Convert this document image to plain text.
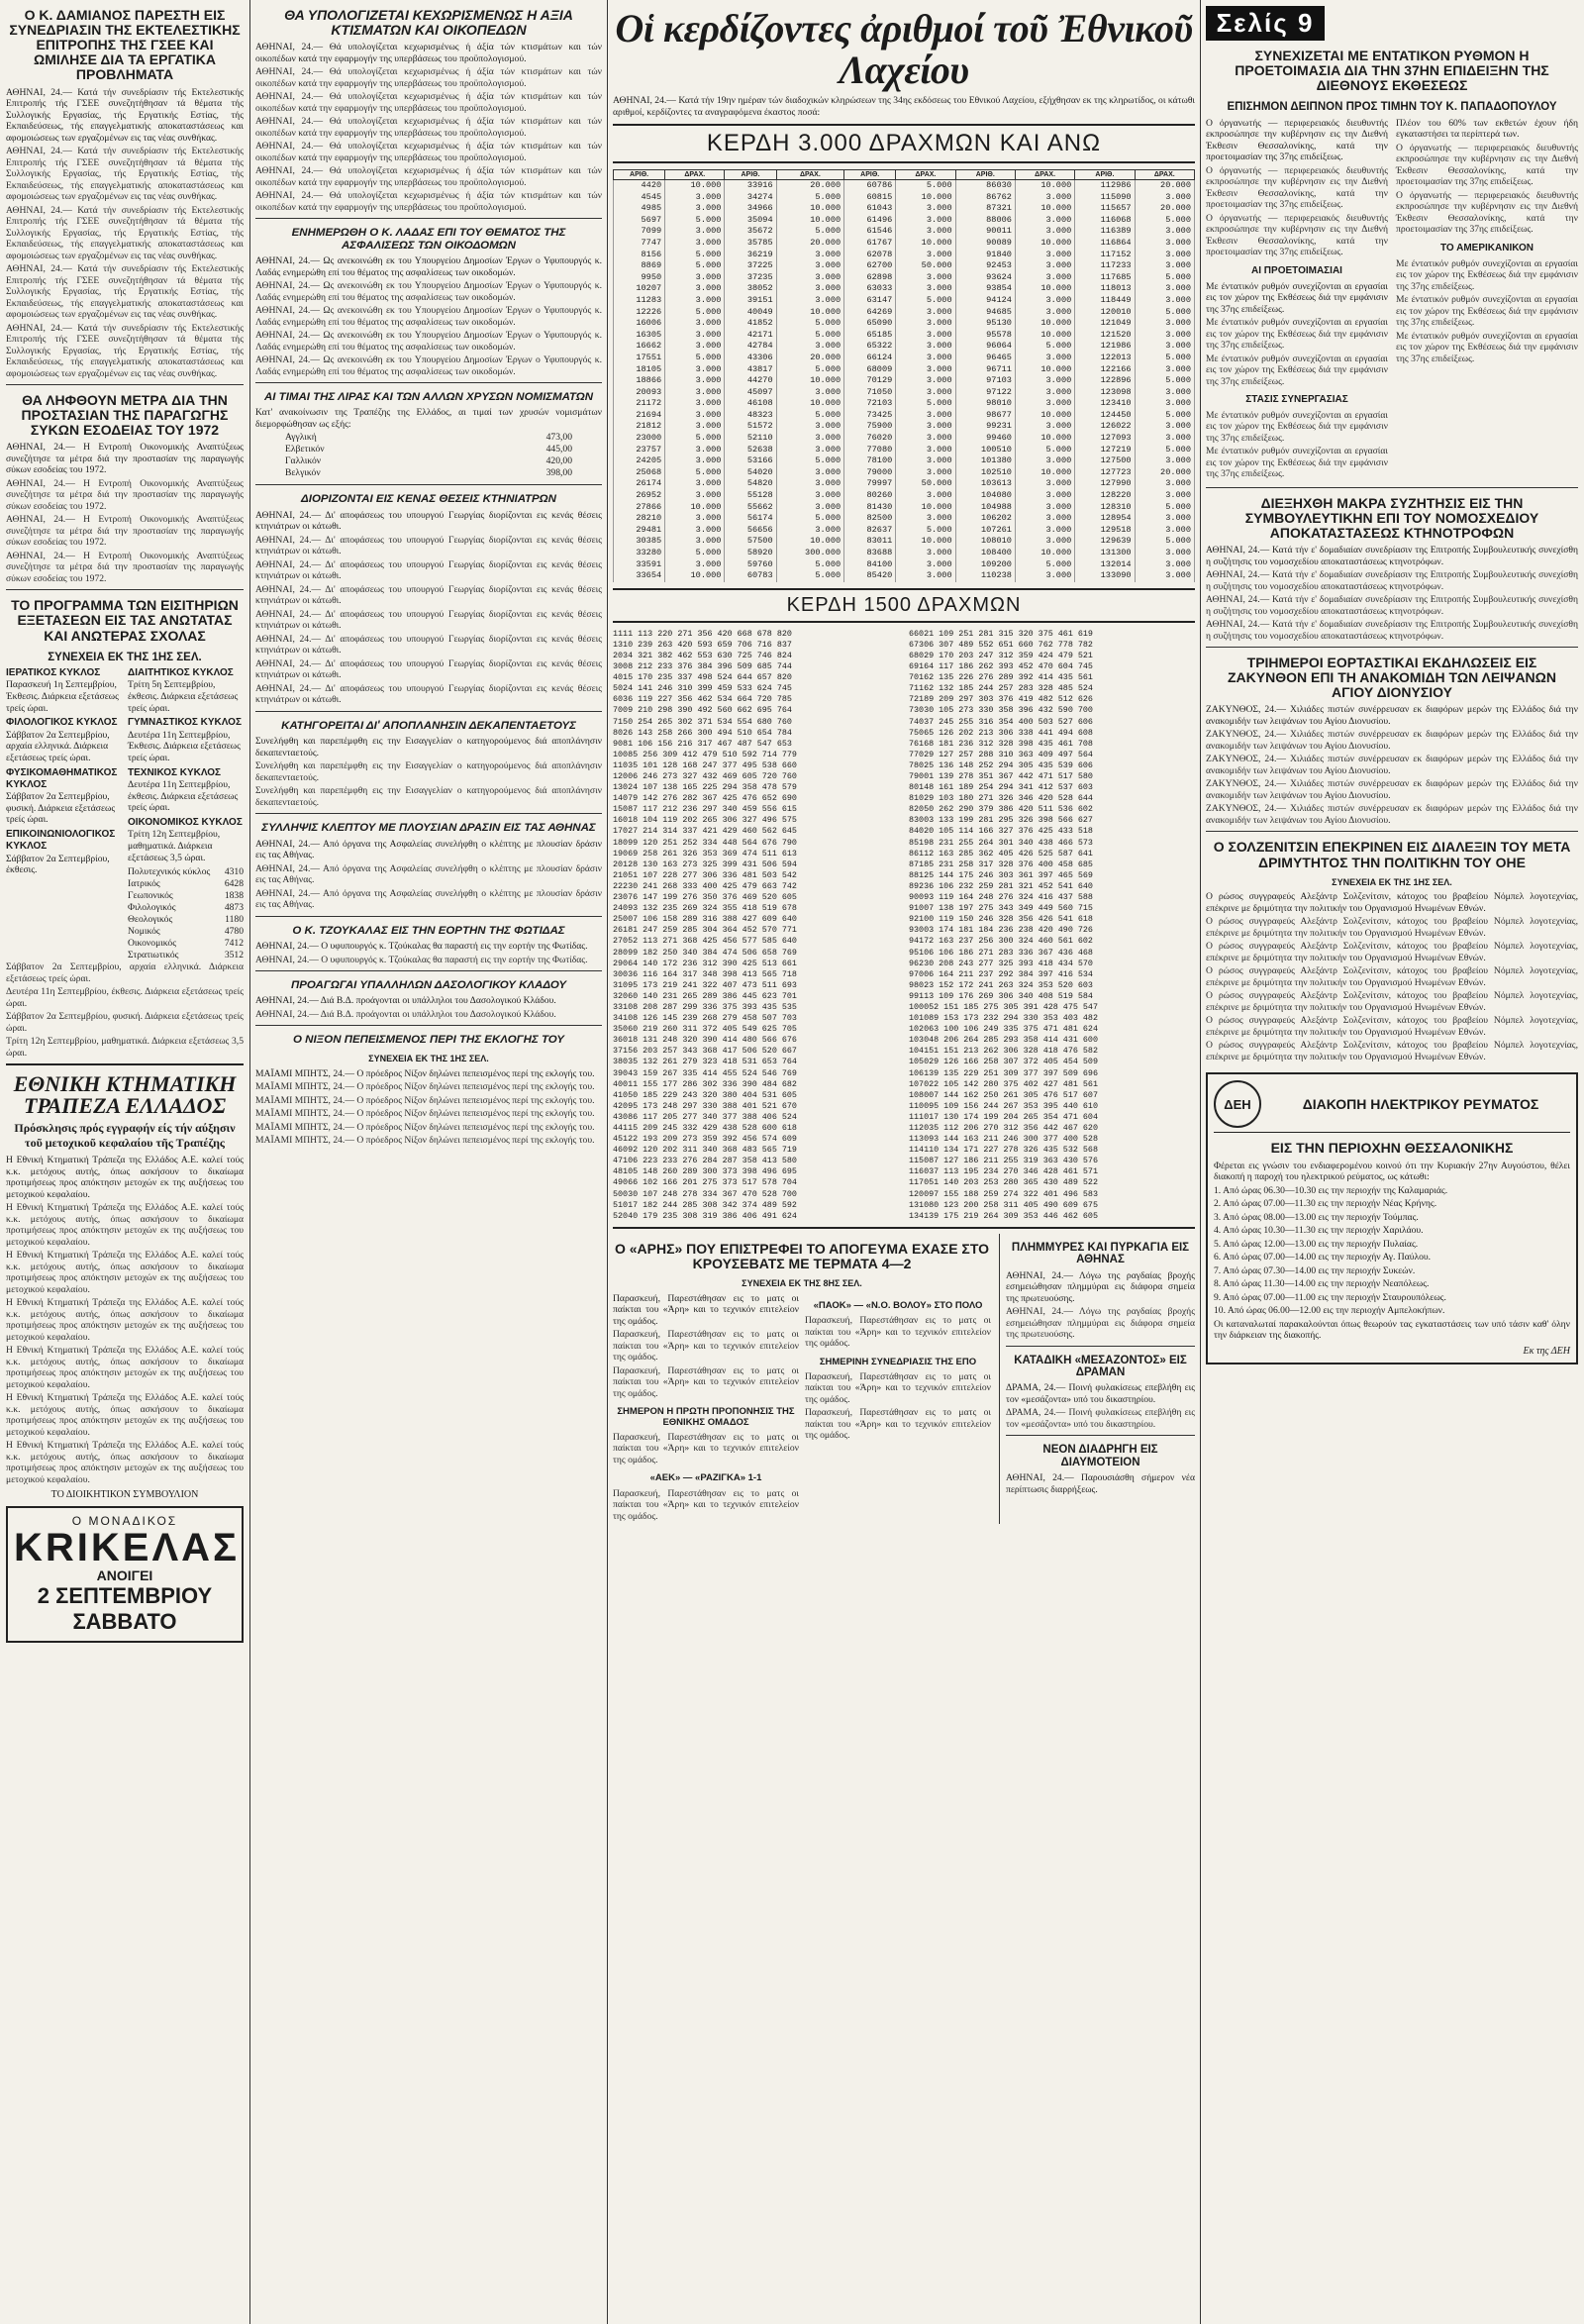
Ο Κ. ΔΑΜΙΑΝΟΣ ΠΑΡΕΣΤΗ ΕΙΣ ΣΥΝΕΔΡΙΑΣΙΝ ΤΗΣ ΕΚΤΕΛΕΣΤΙΚΗΣ ΕΠΙΤΡΟΠΗΣ ΤΗΣ ΓΣΕΕ ΚΑΙ ΩΜΙΛΗΣΕ ΔΙΑ ΤΑ ΕΡΓΑΤΙΚΑ ΠΡΟΒΛΗΜΑΤΑ

ΑΘΗΝΑΙ, 24.— Κατά τήν συνεδρίασιν τής Εκτελεστικής Επιτροπής τής ΓΣΕΕ συνεζητήθησαν τά θέματα τής Συλλογικής Εργασίας, τής Εργατικής Εστίας, τής Εκπαιδεύσεως, τής επαγγελματικής αποκαταστάσεως και αφομοιώσεως των εργαζομένων εις τας νέας συνθήκας.

ΑΘΗΝΑΙ, 24.— Κατά τήν συνεδρίασιν τής Εκτελεστικής Επιτροπής τής ΓΣΕΕ συνεζητήθησαν τά θέματα τής Συλλογικής Εργασίας, τής Εργατικής Εστίας, τής Εκπαιδεύσεως, τής επαγγελματικής αποκαταστάσεως και αφομοιώσεως των εργαζομένων εις τας νέας συνθήκας.

ΑΘΗΝΑΙ, 24.— Κατά τήν συνεδρίασιν τής Εκτελεστικής Επιτροπής τής ΓΣΕΕ συνεζητήθησαν τά θέματα τής Συλλογικής Εργασίας, τής Εργατικής Εστίας, τής Εκπαιδεύσεως, τής επαγγελματικής αποκαταστάσεως και αφομοιώσεως των εργαζομένων εις τας νέας συνθήκας.

ΑΘΗΝΑΙ, 24.— Κατά τήν συνεδρίασιν τής Εκτελεστικής Επιτροπής τής ΓΣΕΕ συνεζητήθησαν τά θέματα τής Συλλογικής Εργασίας, τής Εργατικής Εστίας, τής Εκπαιδεύσεως, τής επαγγελματικής αποκαταστάσεως και αφομοιώσεως των εργαζομένων εις τας νέας συνθήκας.

ΑΘΗΝΑΙ, 24.— Κατά τήν συνεδρίασιν τής Εκτελεστικής Επιτροπής τής ΓΣΕΕ συνεζητήθησαν τά θέματα τής Συλλογικής Εργασίας, τής Εργατικής Εστίας, τής Εκπαιδεύσεως, τής επαγγελματικής αποκαταστάσεως και αφομοιώσεως των εργαζομένων εις τας νέας συνθήκας.

ΘΑ ΛΗΦΘΟΥΝ ΜΕΤΡΑ ΔΙΑ ΤΗΝ ΠΡΟΣΤΑΣΙΑΝ ΤΗΣ ΠΑΡΑΓΩΓΗΣ ΣΥΚΩΝ ΕΣΟΔΕΙΑΣ ΤΟΥ 1972

ΑΘΗΝΑΙ, 24.— Η Εντροπή Οικονομικής Αναπτύξεως συνεζήτησε τα μέτρα διά την προστασίαν της παραγωγής σύκων εσοδείας του 1972.

ΑΘΗΝΑΙ, 24.— Η Εντροπή Οικονομικής Αναπτύξεως συνεζήτησε τα μέτρα διά την προστασίαν της παραγωγής σύκων εσοδείας του 1972.

ΑΘΗΝΑΙ, 24.— Η Εντροπή Οικονομικής Αναπτύξεως συνεζήτησε τα μέτρα διά την προστασίαν της παραγωγής σύκων εσοδείας του 1972.

ΑΘΗΝΑΙ, 24.— Η Εντροπή Οικονομικής Αναπτύξεως συνεζήτησε τα μέτρα διά την προστασίαν της παραγωγής σύκων εσοδείας του 1972.

ΤΟ ΠΡΟΓΡΑΜΜΑ ΤΩΝ ΕΙΣΙΤΗΡΙΩΝ ΕΞΕΤΑΣΕΩΝ ΕΙΣ ΤΑΣ ΑΝΩΤΑΤΑΣ ΚΑΙ ΑΝΩΤΕΡΑΣ ΣΧΟΛΑΣ
ΣΥΝΕΧΕΙΑ ΕΚ ΤΗΣ 1ΗΣ ΣΕΛ.
ΙΕΡΑΤΙΚΟΣ ΚΥΚΛΟΣ
Παρασκευή 1η Σεπτεμβρίου, Έκθεσις. Διάρκεια εξετάσεως τρείς ώραι.
ΦΙΛΟΛΟΓΙΚΟΣ ΚΥΚΛΟΣ
Σάββατον 2α Σεπτεμβρίου, αρχαία ελληνικά. Διάρκεια εξετάσεως τρείς ώραι.
ΦΥΣΙΚΟΜΑΘΗΜΑΤΙΚΟΣ ΚΥΚΛΟΣ
Σάββατον 2α Σεπτεμβρίου, φυσική. Διάρκεια εξετάσεως τρείς ώραι.
ΕΠΙΚΟΙΝΩΝΙΟΛΟΓΙΚΟΣ ΚΥΚΛΟΣ
Σάββατον 2α Σεπτεμβρίου, έκθεσις.
ΔΙΑΙΤΗΤΙΚΟΣ ΚΥΚΛΟΣ
Τρίτη 5η Σεπτεμβρίου, έκθεσις. Διάρκεια εξετάσεως τρείς ώραι.
ΓΥΜΝΑΣΤΙΚΟΣ ΚΥΚΛΟΣ
Δευτέρα 11η Σεπτεμβρίου, Έκθεσις. Διάρκεια εξετάσεως τρείς ώραι.
ΤΕΧΝΙΚΟΣ ΚΥΚΛΟΣ
Δευτέρα 11η Σεπτεμβρίου, έκθεσις. Διάρκεια εξετάσεως τρείς ώραι.
ΟΙΚΟΝΟΜΙΚΟΣ ΚΥΚΛΟΣ
Τρίτη 12η Σεπτεμβρίου, μαθηματικά. Διάρκεια εξετάσεως 3,5 ώραι.
Πολυτεχνικός κύκλος 4310
Ιατρικός	6428
Γεωπονικός	1838
Φιλολογικός	4873
Θεολογικός	1180
Νομικός	4780
Οικονομικός	7412
Στρατιωτικός	3512

Σάββατον 2α Σεπτεμβρίου, αρχαία ελληνικά. Διάρκεια εξετάσεως τρείς ώραι.

Δευτέρα 11η Σεπτεμβρίου, έκθεσις. Διάρκεια εξετάσεως τρείς ώραι.

Σάββατον 2α Σεπτεμβρίου, φυσική. Διάρκεια εξετάσεως τρείς ώραι.

Τρίτη 12η Σεπτεμβρίου, μαθηματικά. Διάρκεια εξετάσεως 3,5 ώραι.

ΕΘΝΙΚΗ ΚΤΗΜΑΤΙΚΗ ΤΡΑΠΕΖΑ ΕΛΛΑΔΟΣ
Πρόσκλησις πρός εγγραφήν είς τήν αύξησιν τοῦ μετοχικοῦ κεφαλαίου τῆς Τραπέζης

Η Εθνική Κτηματική Τράπεζα της Ελλάδος Α.Ε. καλεί τούς κ.κ. μετόχους αυτής, όπως ασκήσουν το δικαίωμα προτιμήσεως προς απόκτησιν μετοχών εκ της αυξήσεως του μετοχικού κεφαλαίου.

Η Εθνική Κτηματική Τράπεζα της Ελλάδος Α.Ε. καλεί τούς κ.κ. μετόχους αυτής, όπως ασκήσουν το δικαίωμα προτιμήσεως προς απόκτησιν μετοχών εκ της αυξήσεως του μετοχικού κεφαλαίου.

Η Εθνική Κτηματική Τράπεζα της Ελλάδος Α.Ε. καλεί τούς κ.κ. μετόχους αυτής, όπως ασκήσουν το δικαίωμα προτιμήσεως προς απόκτησιν μετοχών εκ της αυξήσεως του μετοχικού κεφαλαίου.

Η Εθνική Κτηματική Τράπεζα της Ελλάδος Α.Ε. καλεί τούς κ.κ. μετόχους αυτής, όπως ασκήσουν το δικαίωμα προτιμήσεως προς απόκτησιν μετοχών εκ της αυξήσεως του μετοχικού κεφαλαίου.

Η Εθνική Κτηματική Τράπεζα της Ελλάδος Α.Ε. καλεί τούς κ.κ. μετόχους αυτής, όπως ασκήσουν το δικαίωμα προτιμήσεως προς απόκτησιν μετοχών εκ της αυξήσεως του μετοχικού κεφαλαίου.

Η Εθνική Κτηματική Τράπεζα της Ελλάδος Α.Ε. καλεί τούς κ.κ. μετόχους αυτής, όπως ασκήσουν το δικαίωμα προτιμήσεως προς απόκτησιν μετοχών εκ της αυξήσεως του μετοχικού κεφαλαίου.

Η Εθνική Κτηματική Τράπεζα της Ελλάδος Α.Ε. καλεί τούς κ.κ. μετόχους αυτής, όπως ασκήσουν το δικαίωμα προτιμήσεως προς απόκτησιν μετοχών εκ της αυξήσεως του μετοχικού κεφαλαίου.

ΤΟ ΔΙΟΙΚΗΤΙΚΟΝ ΣΥΜΒΟΥΛΙΟΝ
Ο ΜΟΝΑΔΙΚΟΣ
KRIKEΛΑΣ
ΑΝΟΙΓΕΙ
2 ΣΕΠΤΕΜΒΡΙΟΥ ΣΑΒΒΑΤΟ
ΘΑ ΥΠΟΛΟΓΙΖΕΤΑΙ ΚΕΧΩΡΙΣΜΕΝΩΣ Η ΑΞΙΑ ΚΤΙΣΜΑΤΩΝ ΚΑΙ ΟΙΚΟΠΕΔΩΝ

ΑΘΗΝΑΙ, 24.— Θά υπολογίζεται κεχωρισμένως ή άξία τών κτισμάτων και τών οικοπέδων κατά την εφαρμογήν της υπερβάσεως του προϋπολογισμού.

ΑΘΗΝΑΙ, 24.— Θά υπολογίζεται κεχωρισμένως ή άξία τών κτισμάτων και τών οικοπέδων κατά την εφαρμογήν της υπερβάσεως του προϋπολογισμού.

ΑΘΗΝΑΙ, 24.— Θά υπολογίζεται κεχωρισμένως ή άξία τών κτισμάτων και τών οικοπέδων κατά την εφαρμογήν της υπερβάσεως του προϋπολογισμού.

ΑΘΗΝΑΙ, 24.— Θά υπολογίζεται κεχωρισμένως ή άξία τών κτισμάτων και τών οικοπέδων κατά την εφαρμογήν της υπερβάσεως του προϋπολογισμού.

ΑΘΗΝΑΙ, 24.— Θά υπολογίζεται κεχωρισμένως ή άξία τών κτισμάτων και τών οικοπέδων κατά την εφαρμογήν της υπερβάσεως του προϋπολογισμού.

ΑΘΗΝΑΙ, 24.— Θά υπολογίζεται κεχωρισμένως ή άξία τών κτισμάτων και τών οικοπέδων κατά την εφαρμογήν της υπερβάσεως του προϋπολογισμού.

ΑΘΗΝΑΙ, 24.— Θά υπολογίζεται κεχωρισμένως ή άξία τών κτισμάτων και τών οικοπέδων κατά την εφαρμογήν της υπερβάσεως του προϋπολογισμού.

ΕΝΗΜΕΡΩΘΗ Ο Κ. ΛΑΔΑΣ ΕΠΙ ΤΟΥ ΘΕΜΑΤΟΣ ΤΗΣ ΑΣΦΑΛΙΣΕΩΣ ΤΩΝ ΟΙΚΟΔΟΜΩΝ

ΑΘΗΝΑΙ, 24.— Ως ανεκοινώθη εκ του Υπουργείου Δημοσίων Έργων ο Υφυπουργός κ. Λαδάς ενημερώθη επί του θέματος της ασφαλίσεως των οικοδομών.

ΑΘΗΝΑΙ, 24.— Ως ανεκοινώθη εκ του Υπουργείου Δημοσίων Έργων ο Υφυπουργός κ. Λαδάς ενημερώθη επί του θέματος της ασφαλίσεως των οικοδομών.

ΑΘΗΝΑΙ, 24.— Ως ανεκοινώθη εκ του Υπουργείου Δημοσίων Έργων ο Υφυπουργός κ. Λαδάς ενημερώθη επί του θέματος της ασφαλίσεως των οικοδομών.

ΑΘΗΝΑΙ, 24.— Ως ανεκοινώθη εκ του Υπουργείου Δημοσίων Έργων ο Υφυπουργός κ. Λαδάς ενημερώθη επί του θέματος της ασφαλίσεως των οικοδομών.

ΑΘΗΝΑΙ, 24.— Ως ανεκοινώθη εκ του Υπουργείου Δημοσίων Έργων ο Υφυπουργός κ. Λαδάς ενημερώθη επί του θέματος της ασφαλίσεως των οικοδομών.

ΑΙ ΤΙΜΑΙ ΤΗΣ ΛΙΡΑΣ ΚΑΙ ΤΩΝ ΑΛΛΩΝ ΧΡΥΣΩΝ ΝΟΜΙΣΜΑΤΩΝ

Κατ' ανακοίνωσιν της Τραπέζης της Ελλάδος, αι τιμαί των χρυσών νομισμάτων διεμορφώθησαν ως εξής:

Αγγλική	473,00
Ελβετικόν	445,00
Γαλλικόν	420,00
Βελγικόν	398,00
ΔΙΟΡΙΖΟΝΤΑΙ ΕΙΣ ΚΕΝΑΣ ΘΕΣΕΙΣ ΚΤΗΝΙΑΤΡΩΝ

ΑΘΗΝΑΙ, 24.— Δι' αποφάσεως του υπουργού Γεωργίας διορίζονται εις κενάς θέσεις κτηνιάτρων οι κάτωθι.

ΑΘΗΝΑΙ, 24.— Δι' αποφάσεως του υπουργού Γεωργίας διορίζονται εις κενάς θέσεις κτηνιάτρων οι κάτωθι.

ΑΘΗΝΑΙ, 24.— Δι' αποφάσεως του υπουργού Γεωργίας διορίζονται εις κενάς θέσεις κτηνιάτρων οι κάτωθι.

ΑΘΗΝΑΙ, 24.— Δι' αποφάσεως του υπουργού Γεωργίας διορίζονται εις κενάς θέσεις κτηνιάτρων οι κάτωθι.

ΑΘΗΝΑΙ, 24.— Δι' αποφάσεως του υπουργού Γεωργίας διορίζονται εις κενάς θέσεις κτηνιάτρων οι κάτωθι.

ΑΘΗΝΑΙ, 24.— Δι' αποφάσεως του υπουργού Γεωργίας διορίζονται εις κενάς θέσεις κτηνιάτρων οι κάτωθι.

ΑΘΗΝΑΙ, 24.— Δι' αποφάσεως του υπουργού Γεωργίας διορίζονται εις κενάς θέσεις κτηνιάτρων οι κάτωθι.

ΑΘΗΝΑΙ, 24.— Δι' αποφάσεως του υπουργού Γεωργίας διορίζονται εις κενάς θέσεις κτηνιάτρων οι κάτωθι.

ΚΑΤΗΓΟΡΕΙΤΑΙ ΔΙ' ΑΠΟΠΛΑΝΗΣΙΝ ΔΕΚΑΠΕΝΤΑΕΤΟΥΣ

Συνελήφθη και παρεπέμφθη εις την Εισαγγελίαν ο κατηγορούμενος διά αποπλάνησιν δεκαπενταετούς.

Συνελήφθη και παρεπέμφθη εις την Εισαγγελίαν ο κατηγορούμενος διά αποπλάνησιν δεκαπενταετούς.

Συνελήφθη και παρεπέμφθη εις την Εισαγγελίαν ο κατηγορούμενος διά αποπλάνησιν δεκαπενταετούς.

ΣΥΛΛΗΨΙΣ ΚΛΕΠΤΟΥ ΜΕ ΠΛΟΥΣΙΑΝ ΔΡΑΣΙΝ ΕΙΣ ΤΑΣ ΑΘΗΝΑΣ

ΑΘΗΝΑΙ, 24.— Από όργανα της Ασφαλείας συνελήφθη ο κλέπτης με πλουσίαν δράσιν εις τας Αθήνας.

ΑΘΗΝΑΙ, 24.— Από όργανα της Ασφαλείας συνελήφθη ο κλέπτης με πλουσίαν δράσιν εις τας Αθήνας.

ΑΘΗΝΑΙ, 24.— Από όργανα της Ασφαλείας συνελήφθη ο κλέπτης με πλουσίαν δράσιν εις τας Αθήνας.

Ο Κ. ΤΖΟΥΚΑΛΑΣ ΕΙΣ ΤΗΝ ΕΟΡΤΗΝ ΤΗΣ ΦΩΤΙΔΑΣ

ΑΘΗΝΑΙ, 24.— Ο υφυπουργός κ. Τζούκαλας θα παραστή εις την εορτήν της Φωτίδας.

ΑΘΗΝΑΙ, 24.— Ο υφυπουργός κ. Τζούκαλας θα παραστή εις την εορτήν της Φωτίδας.

ΠΡΟΑΓΩΓΑΙ ΥΠΑΛΛΗΛΩΝ ΔΑΣΟΛΟΓΙΚΟΥ ΚΛΑΔΟΥ

ΑΘΗΝΑΙ, 24.— Διά Β.Δ. προάγονται οι υπάλληλοι του Δασολογικού Κλάδου.

ΑΘΗΝΑΙ, 24.— Διά Β.Δ. προάγονται οι υπάλληλοι του Δασολογικού Κλάδου.

Ο ΝΙΞΟΝ ΠΕΠΕΙΣΜΕΝΟΣ ΠΕΡΙ ΤΗΣ ΕΚΛΟΓΗΣ ΤΟΥ
ΣΥΝΕΧΕΙΑ ΕΚ ΤΗΣ 1ΗΣ ΣΕΛ.

ΜΑΪΑΜΙ ΜΠΗΤΣ, 24.— Ο πρόεδρος Νίξον δηλώνει πεπεισμένος περί της εκλογής του.

ΜΑΪΑΜΙ ΜΠΗΤΣ, 24.— Ο πρόεδρος Νίξον δηλώνει πεπεισμένος περί της εκλογής του.

ΜΑΪΑΜΙ ΜΠΗΤΣ, 24.— Ο πρόεδρος Νίξον δηλώνει πεπεισμένος περί της εκλογής του.

ΜΑΪΑΜΙ ΜΠΗΤΣ, 24.— Ο πρόεδρος Νίξον δηλώνει πεπεισμένος περί της εκλογής του.

ΜΑΪΑΜΙ ΜΠΗΤΣ, 24.— Ο πρόεδρος Νίξον δηλώνει πεπεισμένος περί της εκλογής του.

ΜΑΪΑΜΙ ΜΠΗΤΣ, 24.— Ο πρόεδρος Νίξον δηλώνει πεπεισμένος περί της εκλογής του.

Οἱ κερδίζοντες ἀριθμοί τοῦ Ἐθνικοῦ Λαχείου

ΑΘΗΝΑΙ, 24.— Κατά τήν 19ην ημέραν τών διαδοχικών κληρώσεων της 34ης εκδόσεως του Εθνικού Λαχείου, εξήχθησαν εκ της κληρωτίδος, οι κάτωθι αριθμοί, κερδίζοντες τα αναγραφόμενα έκαστος ποσά:

ΚΕΡΔΗ 3.000 ΔΡΑΧΜΩΝ ΚΑΙ ΑΝΩ
ΑΡΙΘ.	ΔΡΑΧ.	ΑΡΙΘ.	ΔΡΑΧ.	ΑΡΙΘ.	ΔΡΑΧ.	ΑΡΙΘ.	ΔΡΑΧ.	ΑΡΙΘ.	ΔΡΑΧ.
4420	10.000	33916	20.000	60786	5.000	86030	10.000	112986	20.000
4545	3.000	34274	5.000	60815	10.000	86762	3.000	115090	3.000
4985	3.000	34966	10.000	61043	3.000	87321	10.000	115657	20.000
5697	5.000	35094	10.000	61496	3.000	88006	3.000	116068	5.000
7099	3.000	35672	5.000	61546	3.000	90011	3.000	116389	3.000
7747	3.000	35785	20.000	61767	10.000	90089	10.000	116864	3.000
8156	5.000	36219	3.000	62078	3.000	91840	3.000	117152	3.000
8869	5.000	37225	3.000	62700	50.000	92453	3.000	117233	3.000
9950	3.000	37235	3.000	62898	3.000	93624	3.000	117685	5.000
10207	3.000	38052	3.000	63033	3.000	93854	10.000	118013	3.000
11283	3.000	39151	3.000	63147	5.000	94124	3.000	118449	3.000
12226	5.000	40049	10.000	64269	3.000	94685	3.000	120010	5.000
16006	3.000	41852	5.000	65090	3.000	95130	10.000	121049	3.000
16305	3.000	42171	5.000	65185	3.000	95578	10.000	121520	3.000
16662	3.000	42784	3.000	65322	3.000	96064	5.000	121986	3.000
17551	5.000	43306	20.000	66124	3.000	96465	3.000	122013	5.000
18105	3.000	43817	5.000	68009	3.000	96711	10.000	122166	3.000
18866	3.000	44270	10.000	70129	3.000	97103	3.000	122896	5.000
20093	3.000	45097	3.000	71050	3.000	97122	3.000	123098	3.000
21172	3.000	46108	10.000	72103	5.000	98010	3.000	123410	3.000
21694	3.000	48323	5.000	73425	3.000	98677	10.000	124450	5.000
21812	3.000	51572	3.000	75900	3.000	99231	3.000	126022	3.000
23000	5.000	52110	3.000	76020	3.000	99460	10.000	127093	3.000
23757	3.000	52638	3.000	77080	3.000	100510	5.000	127219	5.000
24205	3.000	53166	5.000	78100	3.000	101380	3.000	127500	3.000
25068	5.000	54020	3.000	79000	3.000	102510	10.000	127723	20.000
26174	3.000	54820	3.000	79997	50.000	103613	3.000	127990	3.000
26952	3.000	55128	3.000	80260	3.000	104080	3.000	128220	3.000
27866	10.000	55662	3.000	81430	10.000	104988	3.000	128310	5.000
28210	3.000	56174	5.000	82500	3.000	106202	3.000	128954	3.000
29481	3.000	56656	3.000	82637	5.000	107261	3.000	129518	3.000
30385	3.000	57500	10.000	83011	10.000	108010	3.000	129639	5.000
33280	5.000	58920	300.000	83688	3.000	108400	10.000	131300	3.000
33591	3.000	59760	5.000	84100	3.000	109200	5.000	132014	3.000
33654	10.000	60783	5.000	85420	3.000	110238	3.000	133090	3.000
ΚΕΡΔΗ 1500 ΔΡΑΧΜΩΝ
1111 113 220 271 356 420 668 678 820
1310 239 263 420 593 659 706 716 837
2034 321 382 462 553 630 725 746 824
3008 212 233 376 384 396 509 685 744
4015 170 235 337 498 524 644 657 820
5024 141 246 310 399 459 533 624 745
6036 119 227 356 462 534 664 720 785
7009 210 298 390 492 560 662 695 764
7150 254 265 302 371 534 554 680 760
8026 143 258 266 300 494 510 654 784
9081 106 156 216 317 467 487 547 653
10085 256 309 412 479 510 592 714 779
11035 101 128 168 247 377 495 538 660
12006 246 273 327 432 469 605 720 760
13024 107 138 165 225 294 358 478 579
14079 142 276 282 367 425 476 652 690
15087 117 212 236 297 340 459 556 615
16018 104 119 202 265 306 327 496 575
17027 214 314 337 421 429 460 562 645
18099 120 251 252 334 448 564 676 790
19069 258 261 326 353 369 474 511 613
20128 130 163 273 325 399 431 506 594
21051 107 228 277 306 336 481 503 542
22230 241 268 333 400 425 479 663 742
23076 147 199 276 350 376 469 520 605
24093 132 235 269 324 355 418 519 678
25007 106 158 289 316 388 427 609 640
26181 247 259 285 304 364 452 570 771
27052 113 271 368 425 456 577 585 640
28099 182 250 340 384 474 506 658 769
29064 140 172 236 312 390 425 513 661
30036 116 164 317 348 398 413 565 718
31095 173 219 241 322 407 473 511 693
32060 140 231 265 289 386 445 623 701
33108 208 287 299 336 375 393 435 535
34108 126 145 239 268 279 458 507 703
35060 219 260 311 372 405 549 625 705
36018 131 248 320 390 414 480 566 676
37156 203 257 343 368 417 506 520 667
38035 132 261 279 323 418 531 653 764
39043 159 267 335 414 455 524 546 769
40011 155 177 286 302 336 390 484 682
41050 185 229 243 320 380 404 531 605
42095 173 248 297 330 388 401 521 670
43086 117 205 277 340 377 388 406 524
44115 209 245 332 429 438 528 600 618
45122 193 209 273 359 392 456 574 609
46092 120 202 311 340 368 483 565 719
47106 223 233 276 284 287 358 413 580
48105 148 260 289 300 373 398 496 695
49066 102 166 201 275 373 517 578 704
50030 107 248 278 334 367 470 528 700
51017 182 244 285 308 342 374 489 592
52040 179 235 308 319 386 406 491 624
66021 109 251 281 315 320 375 461 619
67306 307 489 552 651 660 762 778 782
68029 170 203 247 312 359 424 479 521
69164 117 186 262 393 452 470 604 745
70162 135 226 276 289 392 414 435 561
71162 132 185 244 257 283 328 485 524
72189 209 297 303 376 419 482 512 626
73030 105 273 330 358 396 432 590 700
74037 245 255 316 354 400 503 527 606
75065 126 202 213 306 338 441 494 608
76168 181 236 312 328 398 435 461 708
77029 127 257 288 310 363 409 497 564
78025 136 148 252 294 305 435 539 606
79001 139 278 351 367 442 471 517 580
80148 161 189 254 294 341 412 537 603
81029 103 180 271 326 346 420 528 644
82050 262 290 379 386 420 511 536 602
83003 133 199 281 295 326 398 566 627
84020 105 114 166 327 376 425 433 518
85198 231 255 264 301 340 438 466 573
86112 163 285 362 405 426 525 587 641
87185 231 258 317 328 376 400 458 685
88125 144 175 246 303 361 397 465 569
89236 106 232 259 281 321 452 541 640
90093 119 164 248 276 324 416 437 588
91007 138 197 275 343 349 449 560 715
92100 119 150 246 328 356 426 541 618
93003 174 181 184 236 238 420 490 726
94172 163 237 256 300 324 460 561 602
95106 106 186 271 283 336 367 436 468
96230 208 243 277 325 393 418 434 570
97006 164 211 237 292 384 397 416 534
98023 152 172 241 263 324 353 520 603
99113 109 176 269 306 340 408 519 584
100052 151 185 275 305 391 428 475 547
101089 153 173 232 294 330 353 403 482
102063 100 106 249 335 375 471 481 624
103048 206 264 285 293 358 414 431 600
104151 151 213 262 306 328 418 476 582
105029 126 166 258 307 372 405 454 509
106139 135 229 251 309 377 397 509 696
107022 105 142 280 375 402 427 481 561
108007 144 162 250 261 305 476 517 607
110095 109 156 244 267 353 395 440 610
111017 130 174 199 204 265 354 471 604
112035 112 206 270 312 356 442 467 620
113093 144 163 211 246 300 377 400 528
114110 134 171 227 278 326 435 532 568
115087 127 186 211 255 319 363 430 576
116037 113 195 234 270 346 428 461 571
117051 140 203 253 280 365 430 489 522
120097 155 188 259 274 322 401 496 583
131080 123 200 258 311 405 490 609 675
134139 175 219 264 309 353 446 462 605
Ο «ΑΡΗΣ» ΠΟΥ ΕΠΙΣΤΡΕΦΕΙ ΤΟ ΑΠΟΓΕΥΜΑ ΕΧΑΣΕ ΣΤΟ ΚΡΟΥΣΕΒΑΤΣ ΜΕ ΤΕΡΜΑΤΑ 4—2
ΣΥΝΕΧΕΙΑ ΕΚ ΤΗΣ 8ΗΣ ΣΕΛ.

Παρασκευή, Παρεστάθησαν εις το ματς οι παίκται του «Άρη» και το τεχνικόν επιτελείον της ομάδος.

Παρασκευή, Παρεστάθησαν εις το ματς οι παίκται του «Άρη» και το τεχνικόν επιτελείον της ομάδος.

Παρασκευή, Παρεστάθησαν εις το ματς οι παίκται του «Άρη» και το τεχνικόν επιτελείον της ομάδος.

ΣΗΜΕΡΟΝ Η ΠΡΩΤΗ ΠΡΟΠΟΝΗΣΙΣ ΤΗΣ ΕΘΝΙΚΗΣ ΟΜΑΔΟΣ

Παρασκευή, Παρεστάθησαν εις το ματς οι παίκται του «Άρη» και το τεχνικόν επιτελείον της ομάδος.

«ΑΕΚ» — «ΡΑΖΙΓΚΑ» 1-1

Παρασκευή, Παρεστάθησαν εις το ματς οι παίκται του «Άρη» και το τεχνικόν επιτελείον της ομάδος.

«ΠΑΟΚ» — «Ν.Ο. ΒΟΛΟΥ» ΣΤΟ ΠΟΛΟ

Παρασκευή, Παρεστάθησαν εις το ματς οι παίκται του «Άρη» και το τεχνικόν επιτελείον της ομάδος.

ΣΗΜΕΡΙΝΗ ΣΥΝΕΔΡΙΑΣΙΣ ΤΗΣ ΕΠΟ

Παρασκευή, Παρεστάθησαν εις το ματς οι παίκται του «Άρη» και το τεχνικόν επιτελείον της ομάδος.

Παρασκευή, Παρεστάθησαν εις το ματς οι παίκται του «Άρη» και το τεχνικόν επιτελείον της ομάδος.

ΠΛΗΜΜΥΡΕΣ ΚΑΙ ΠΥΡΚΑΓΙΑ ΕΙΣ ΑΘΗΝΑΣ

ΑΘΗΝΑΙ, 24.— Λόγω της ραγδαίας βροχής εσημειώθησαν πλημμύραι εις διάφορα σημεία της πρωτευούσης.

ΑΘΗΝΑΙ, 24.— Λόγω της ραγδαίας βροχής εσημειώθησαν πλημμύραι εις διάφορα σημεία της πρωτευούσης.

ΚΑΤΑΔΙΚΗ «ΜΕΣΑΖΟΝΤΟΣ» ΕΙΣ ΔΡΑΜΑΝ

ΔΡΑΜΑ, 24.— Ποινή φυλακίσεως επεβλήθη εις τον «μεσάζοντα» υπό του δικαστηρίου.

ΔΡΑΜΑ, 24.— Ποινή φυλακίσεως επεβλήθη εις τον «μεσάζοντα» υπό του δικαστηρίου.

ΝΕΟΝ ΔΙΑΔΡΗΓΗ ΕΙΣ ΔΙΑΥΜΟΤΕΙΟΝ

ΑΘΗΝΑΙ, 24.— Παρουσιάσθη σήμερον νέα περίπτωσις διαρρήξεως.

Σελίς 9
ΣΥΝΕΧΙΖΕΤΑΙ ΜΕ ΕΝΤΑΤΙΚΟΝ ΡΥΘΜΟΝ Η ΠΡΟΕΤΟΙΜΑΣΙΑ ΔΙΑ ΤΗΝ 37ΗΝ ΕΠΙΔΕΙΞΗΝ ΤΗΣ ΔΙΕΘΝΟΥΣ ΕΚΘΕΣΕΩΣ
ΕΠΙΣΗΜΟΝ ΔΕΙΠΝΟΝ ΠΡΟΣ ΤΙΜΗΝ ΤΟΥ Κ. ΠΑΠΑΔΟΠΟΥΛΟΥ

Ο όργανωτής — περιφερειακός διευθυντής εκπροσώπησε την κυβέρνησιν εις την Διεθνή Έκθεσιν Θεσσαλονίκης, κατά την προετοιμασίαν της 37ης επιδείξεως.

Ο όργανωτής — περιφερειακός διευθυντής εκπροσώπησε την κυβέρνησιν εις την Διεθνή Έκθεσιν Θεσσαλονίκης, κατά την προετοιμασίαν της 37ης επιδείξεως.

Ο όργανωτής — περιφερειακός διευθυντής εκπροσώπησε την κυβέρνησιν εις την Διεθνή Έκθεσιν Θεσσαλονίκης, κατά την προετοιμασίαν της 37ης επιδείξεως.

ΑΙ ΠΡΟΕΤΟΙΜΑΣΙΑΙ

Με έντατικόν ρυθμόν συνεχίζονται αι εργασίαι εις τον χώρον της Εκθέσεως διά την εμφάνισιν της 37ης επιδείξεως.

Με έντατικόν ρυθμόν συνεχίζονται αι εργασίαι εις τον χώρον της Εκθέσεως διά την εμφάνισιν της 37ης επιδείξεως.

Με έντατικόν ρυθμόν συνεχίζονται αι εργασίαι εις τον χώρον της Εκθέσεως διά την εμφάνισιν της 37ης επιδείξεως.

ΣΤΑΣΙΣ ΣΥΝΕΡΓΑΣΙΑΣ

Με έντατικόν ρυθμόν συνεχίζονται αι εργασίαι εις τον χώρον της Εκθέσεως διά την εμφάνισιν της 37ης επιδείξεως.

Με έντατικόν ρυθμόν συνεχίζονται αι εργασίαι εις τον χώρον της Εκθέσεως διά την εμφάνισιν της 37ης επιδείξεως.

Πλέον του 60% των εκθετών έχουν ήδη εγκαταστήσει τα περίπτερά των.

Ο όργανωτής — περιφερειακός διευθυντής εκπροσώπησε την κυβέρνησιν εις την Διεθνή Έκθεσιν Θεσσαλονίκης, κατά την προετοιμασίαν της 37ης επιδείξεως.

Ο όργανωτής — περιφερειακός διευθυντής εκπροσώπησε την κυβέρνησιν εις την Διεθνή Έκθεσιν Θεσσαλονίκης, κατά την προετοιμασίαν της 37ης επιδείξεως.

ΤΟ ΑΜΕΡΙΚΑΝΙΚΟΝ

Με έντατικόν ρυθμόν συνεχίζονται αι εργασίαι εις τον χώρον της Εκθέσεως διά την εμφάνισιν της 37ης επιδείξεως.

Με έντατικόν ρυθμόν συνεχίζονται αι εργασίαι εις τον χώρον της Εκθέσεως διά την εμφάνισιν της 37ης επιδείξεως.

Με έντατικόν ρυθμόν συνεχίζονται αι εργασίαι εις τον χώρον της Εκθέσεως διά την εμφάνισιν της 37ης επιδείξεως.

ΔΙΕΞΗΧΘΗ ΜΑΚΡΑ ΣΥΖΗΤΗΣΙΣ ΕΙΣ ΤΗΝ ΣΥΜΒΟΥΛΕΥΤΙΚΗΝ ΕΠΙ ΤΟΥ ΝΟΜΟΣΧΕΔΙΟΥ ΑΠΟΚΑΤΑΣΤΑΣΕΩΣ ΚΤΗΝΟΤΡΟΦΩΝ

ΑΘΗΝΑΙ, 24.— Κατά τήν ε' δομαδιαίαν συνεδρίασιν της Επιτροπής Συμβουλευτικής συνεχίσθη η συζήτησις του νομοσχεδίου αποκαταστάσεως κτηνοτρόφων.

ΑΘΗΝΑΙ, 24.— Κατά τήν ε' δομαδιαίαν συνεδρίασιν της Επιτροπής Συμβουλευτικής συνεχίσθη η συζήτησις του νομοσχεδίου αποκαταστάσεως κτηνοτρόφων.

ΑΘΗΝΑΙ, 24.— Κατά τήν ε' δομαδιαίαν συνεδρίασιν της Επιτροπής Συμβουλευτικής συνεχίσθη η συζήτησις του νομοσχεδίου αποκαταστάσεως κτηνοτρόφων.

ΑΘΗΝΑΙ, 24.— Κατά τήν ε' δομαδιαίαν συνεδρίασιν της Επιτροπής Συμβουλευτικής συνεχίσθη η συζήτησις του νομοσχεδίου αποκαταστάσεως κτηνοτρόφων.

ΤΡΙΗΜΕΡΟΙ ΕΟΡΤΑΣΤΙΚΑΙ ΕΚΔΗΛΩΣΕΙΣ ΕΙΣ ΖΑΚΥΝΘΟΝ ΕΠΙ ΤΗ ΑΝΑΚΟΜΙΔΗ ΤΩΝ ΛΕΙΨΑΝΩΝ ΑΓΙΟΥ ΔΙΟΝΥΣΙΟΥ

ΖΑΚΥΝΘΟΣ, 24.— Χιλιάδες πιστών συνέρρευσαν εκ διαφόρων μερών της Ελλάδος διά την ανακομιδήν των λειψάνων του Αγίου Διονυσίου.

ΖΑΚΥΝΘΟΣ, 24.— Χιλιάδες πιστών συνέρρευσαν εκ διαφόρων μερών της Ελλάδος διά την ανακομιδήν των λειψάνων του Αγίου Διονυσίου.

ΖΑΚΥΝΘΟΣ, 24.— Χιλιάδες πιστών συνέρρευσαν εκ διαφόρων μερών της Ελλάδος διά την ανακομιδήν των λειψάνων του Αγίου Διονυσίου.

ΖΑΚΥΝΘΟΣ, 24.— Χιλιάδες πιστών συνέρρευσαν εκ διαφόρων μερών της Ελλάδος διά την ανακομιδήν των λειψάνων του Αγίου Διονυσίου.

ΖΑΚΥΝΘΟΣ, 24.— Χιλιάδες πιστών συνέρρευσαν εκ διαφόρων μερών της Ελλάδος διά την ανακομιδήν των λειψάνων του Αγίου Διονυσίου.

Ο ΣΟΛΖΕΝΙΤΣΙΝ ΕΠΕΚΡΙΝΕΝ ΕΙΣ ΔΙΑΛΕΞΙΝ ΤΟΥ ΜΕΤΑ ΔΡΙΜΥΤΗΤΟΣ ΤΗΝ ΠΟΛΙΤΙΚΗΝ ΤΟΥ ΟΗΕ
ΣΥΝΕΧΕΙΑ ΕΚ ΤΗΣ 1ΗΣ ΣΕΛ.

Ο ρώσος συγγραφεύς Αλεξάντρ Σολζενίτσιν, κάτοχος του βραβείου Νόμπελ λογοτεχνίας, επέκρινε με δριμύτητα την πολιτικήν του Οργανισμού Ηνωμένων Εθνών.

Ο ρώσος συγγραφεύς Αλεξάντρ Σολζενίτσιν, κάτοχος του βραβείου Νόμπελ λογοτεχνίας, επέκρινε με δριμύτητα την πολιτικήν του Οργανισμού Ηνωμένων Εθνών.

Ο ρώσος συγγραφεύς Αλεξάντρ Σολζενίτσιν, κάτοχος του βραβείου Νόμπελ λογοτεχνίας, επέκρινε με δριμύτητα την πολιτικήν του Οργανισμού Ηνωμένων Εθνών.

Ο ρώσος συγγραφεύς Αλεξάντρ Σολζενίτσιν, κάτοχος του βραβείου Νόμπελ λογοτεχνίας, επέκρινε με δριμύτητα την πολιτικήν του Οργανισμού Ηνωμένων Εθνών.

Ο ρώσος συγγραφεύς Αλεξάντρ Σολζενίτσιν, κάτοχος του βραβείου Νόμπελ λογοτεχνίας, επέκρινε με δριμύτητα την πολιτικήν του Οργανισμού Ηνωμένων Εθνών.

Ο ρώσος συγγραφεύς Αλεξάντρ Σολζενίτσιν, κάτοχος του βραβείου Νόμπελ λογοτεχνίας, επέκρινε με δριμύτητα την πολιτικήν του Οργανισμού Ηνωμένων Εθνών.

Ο ρώσος συγγραφεύς Αλεξάντρ Σολζενίτσιν, κάτοχος του βραβείου Νόμπελ λογοτεχνίας, επέκρινε με δριμύτητα την πολιτικήν του Οργανισμού Ηνωμένων Εθνών.

ΔΕΗ	ΔΙΑΚΟΠΗ ΗΛΕΚΤΡΙΚΟΥ ΡΕΥΜΑΤΟΣ
ΕΙΣ ΤΗΝ ΠΕΡΙΟΧΗΝ ΘΕΣΣΑΛΟΝΙΚΗΣ

Φέρεται εις γνώσιν του ενδιαφερομένου κοινού ότι την Κυριακήν 27ην Αυγούστου, θέλει διακοπή η παροχή του ηλεκτρικού ρεύματος, ως κάτωθι:

1. Από ώρας 06.30—10.30 εις την περιοχήν της Καλαμαριάς.

2. Από ώρας 07.00—11.30 εις την περιοχήν Νέας Κρήνης.

3. Από ώρας 08.00—13.00 εις την περιοχήν Τούμπας.

4. Από ώρας 10.30—11.30 εις την περιοχήν Χαριλάου.

5. Από ώρας 12.00—13.00 εις την περιοχήν Πυλαίας.

6. Από ώρας 07.00—14.00 εις την περιοχήν Αγ. Παύλου.

7. Από ώρας 07.30—14.00 εις την περιοχήν Συκεών.

8. Από ώρας 11.30—14.00 εις την περιοχήν Νεαπόλεως.

9. Από ώρας 07.00—11.00 εις την περιοχήν Σταυρουπόλεως.

10. Από ώρας 06.00—12.00 εις την περιοχήν Αμπελοκήπων.

Οι καταναλωταί παρακαλούνται όπως θεωρούν τας εγκαταστάσεις των υπό τάσιν καθ' όλην την διάρκειαν της διακοπής.

Εκ της ΔΕΗ
